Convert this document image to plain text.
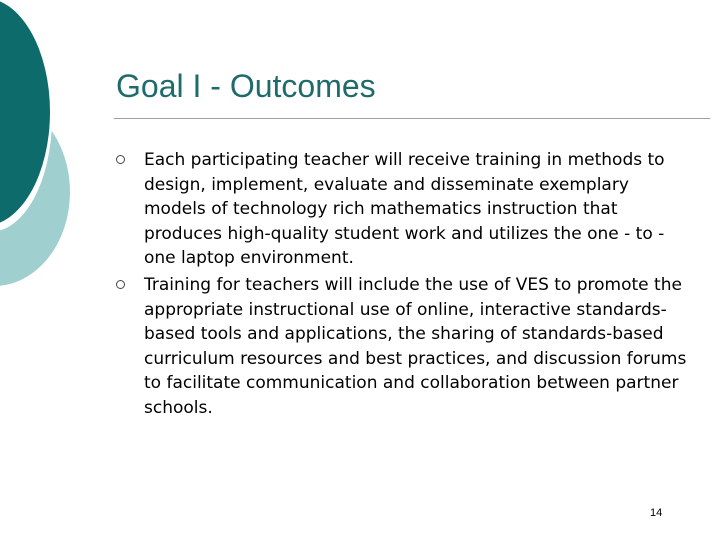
Goal I - Outcomes
Each participating teacher will receive training in methods to design, implement, evaluate and disseminate exemplary models of technology rich mathematics instruction that produces high-quality student work and utilizes the one - to - one laptop environment.
Training for teachers will include the use of VES to promote the appropriate instructional use of online, interactive standards-based tools and applications, the sharing of standards-based curriculum resources and best practices, and discussion forums to facilitate communication and collaboration between partner schools.
14
